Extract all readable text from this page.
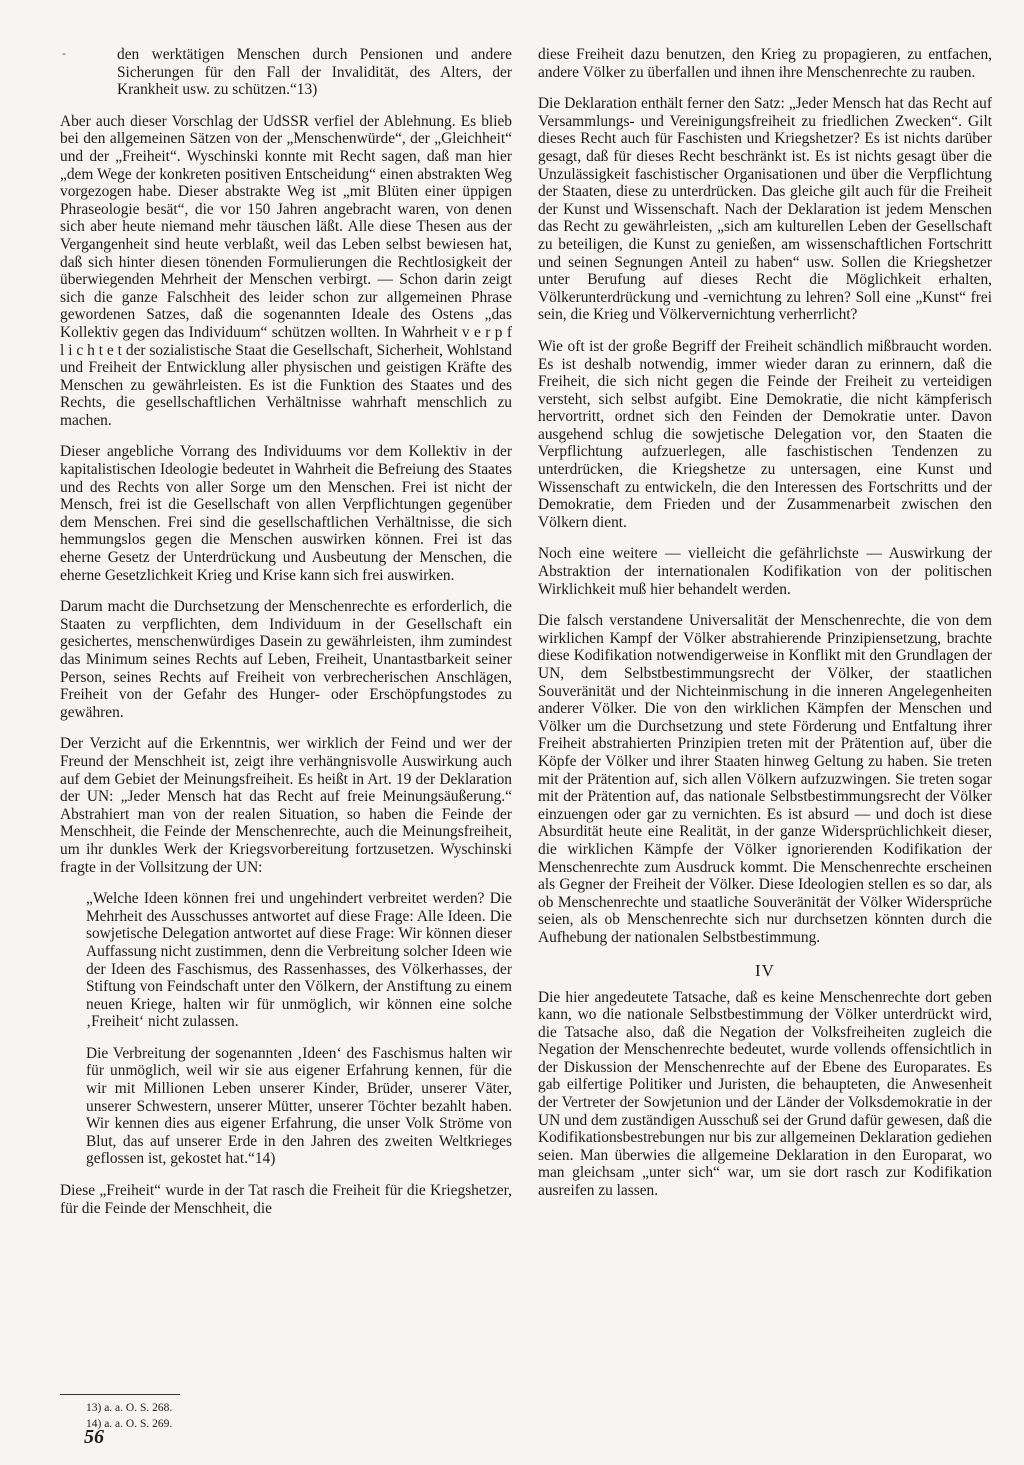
-	den werktätigen Menschen durch Pensionen und andere Sicherungen für den Fall der Invalidität, des Alters, der Krankheit usw. zu schützen.“13)

Aber auch dieser Vorschlag der UdSSR verfiel der Ablehnung. Es blieb bei den allgemeinen Sätzen von der „Menschenwürde“, der „Gleichheit“ und der „Freiheit“. Wyschinski konnte mit Recht sagen, daß man hier „dem Wege der konkreten positiven Entscheidung“ einen abstrakten Weg vorgezogen habe. Dieser abstrakte Weg ist „mit Blüten einer üppigen Phraseologie besät“, die vor 150 Jahren angebracht waren, von denen sich aber heute niemand mehr täuschen läßt. Alle diese Thesen aus der Vergangenheit sind heute verblaßt, weil das Leben selbst bewiesen hat, daß sich hinter diesen tönenden Formulierungen die Rechtlosigkeit der überwiegenden Mehrheit der Menschen verbirgt. — Schon darin zeigt sich die ganze Falschheit des leider schon zur allgemeinen Phrase gewordenen Satzes, daß die sogenannten Ideale des Ostens „das Kollektiv gegen das Individuum“ schützen wollten. In Wahrheit v e r p f l i c h t e t der sozialistische Staat die Gesellschaft, Sicherheit, Wohlstand und Freiheit der Entwicklung aller physischen und geistigen Kräfte des Menschen zu gewährleisten. Es ist die Funktion des Staates und des Rechts, die gesellschaftlichen Verhältnisse wahrhaft menschlich zu machen.

Dieser angebliche Vorrang des Individuums vor dem Kollektiv in der kapitalistischen Ideologie bedeutet in Wahrheit die Befreiung des Staates und des Rechts von aller Sorge um den Menschen. Frei ist nicht der Mensch, frei ist die Gesellschaft von allen Verpflichtungen gegenüber dem Menschen. Frei sind die gesellschaftlichen Verhältnisse, die sich hemmungslos gegen die Menschen auswirken können. Frei ist das eherne Gesetz der Unterdrückung und Ausbeutung der Menschen, die eherne Gesetzlichkeit Krieg und Krise kann sich frei auswirken.

Darum macht die Durchsetzung der Menschenrechte es erforderlich, die Staaten zu verpflichten, dem Individuum in der Gesellschaft ein gesichertes, menschenwürdiges Dasein zu gewährleisten, ihm zumindest das Minimum seines Rechts auf Leben, Freiheit, Unantastbarkeit seiner Person, seines Rechts auf Freiheit von verbrecherischen Anschlägen, Freiheit von der Gefahr des Hunger- oder Erschöpfungstodes zu gewähren.

Der Verzicht auf die Erkenntnis, wer wirklich der Feind und wer der Freund der Menschheit ist, zeigt ihre verhängnisvolle Auswirkung auch auf dem Gebiet der Meinungsfreiheit. Es heißt in Art. 19 der Deklaration der UN: „Jeder Mensch hat das Recht auf freie Meinungsäußerung.“ Abstrahiert man von der realen Situation, so haben die Feinde der Menschheit, die Feinde der Menschenrechte, auch die Meinungsfreiheit, um ihr dunkles Werk der Kriegsvorbereitung fortzusetzen. Wyschinski fragte in der Vollsitzung der UN:

„Welche Ideen können frei und ungehindert verbreitet werden? Die Mehrheit des Ausschusses antwortet auf diese Frage: Alle Ideen. Die sowjetische Delegation antwortet auf diese Frage: Wir können dieser Auffassung nicht zustimmen, denn die Verbreitung solcher Ideen wie der Ideen des Faschismus, des Rassenhasses, des Völkerhasses, der Stiftung von Feindschaft unter den Völkern, der Anstiftung zu einem neuen Kriege, halten wir für unmöglich, wir können eine solche ‚Freiheit‘ nicht zulassen.

Die Verbreitung der sogenannten ‚Ideen‘ des Faschismus halten wir für unmöglich, weil wir sie aus eigener Erfahrung kennen, für die wir mit Millionen Leben unserer Kinder, Brüder, unserer Väter, unserer Schwestern, unserer Mütter, unserer Töchter bezahlt haben. Wir kennen dies aus eigener Erfahrung, die unser Volk Ströme von Blut, das auf unserer Erde in den Jahren des zweiten Weltkrieges geflossen ist, gekostet hat.“14)

Diese „Freiheit“ wurde in der Tat rasch die Freiheit für die Kriegshetzer, für die Feinde der Menschheit, die

diese Freiheit dazu benutzen, den Krieg zu propagieren, zu entfachen, andere Völker zu überfallen und ihnen ihre Menschenrechte zu rauben.

Die Deklaration enthält ferner den Satz: „Jeder Mensch hat das Recht auf Versammlungs- und Vereinigungsfreiheit zu friedlichen Zwecken“. Gilt dieses Recht auch für Faschisten und Kriegshetzer? Es ist nichts darüber gesagt, daß für dieses Recht beschränkt ist. Es ist nichts gesagt über die Unzulässigkeit faschistischer Organisationen und über die Verpflichtung der Staaten, diese zu unterdrücken. Das gleiche gilt auch für die Freiheit der Kunst und Wissenschaft. Nach der Deklaration ist jedem Menschen das Recht zu gewährleisten, „sich am kulturellen Leben der Gesellschaft zu beteiligen, die Kunst zu genießen, am wissenschaftlichen Fortschritt und seinen Segnungen Anteil zu haben“ usw. Sollen die Kriegshetzer unter Berufung auf dieses Recht die Möglichkeit erhalten, Völkerunterdrückung und -vernichtung zu lehren? Soll eine „Kunst“ frei sein, die Krieg und Völkervernichtung verherrlicht?

Wie oft ist der große Begriff der Freiheit schändlich mißbraucht worden. Es ist deshalb notwendig, immer wieder daran zu erinnern, daß die Freiheit, die sich nicht gegen die Feinde der Freiheit zu verteidigen versteht, sich selbst aufgibt. Eine Demokratie, die nicht kämpferisch hervortritt, ordnet sich den Feinden der Demokratie unter. Davon ausgehend schlug die sowjetische Delegation vor, den Staaten die Verpflichtung aufzuerlegen, alle faschistischen Tendenzen zu unterdrücken, die Kriegshetze zu untersagen, eine Kunst und Wissenschaft zu entwickeln, die den Interessen des Fortschritts und der Demokratie, dem Frieden und der Zusammenarbeit zwischen den Völkern dient.

Noch eine weitere — vielleicht die gefährlichste — Auswirkung der Abstraktion der internationalen Kodifikation von der politischen Wirklichkeit muß hier behandelt werden.

Die falsch verstandene Universalität der Menschenrechte, die von dem wirklichen Kampf der Völker abstrahierende Prinzipiensetzung, brachte diese Kodifikation notwendigerweise in Konflikt mit den Grundlagen der UN, dem Selbstbestimmungsrecht der Völker, der staatlichen Souveränität und der Nichteinmischung in die inneren Angelegenheiten anderer Völker. Die von den wirklichen Kämpfen der Menschen und Völker um die Durchsetzung und stete Förderung und Entfaltung ihrer Freiheit abstrahierten Prinzipien treten mit der Prätention auf, über die Köpfe der Völker und ihrer Staaten hinweg Geltung zu haben. Sie treten mit der Prätention auf, sich allen Völkern aufzuzwingen. Sie treten sogar mit der Prätention auf, das nationale Selbstbestimmungsrecht der Völker einzuengen oder gar zu vernichten. Es ist absurd — und doch ist diese Absurdität heute eine Realität, in der ganze Widersprüchlichkeit dieser, die wirklichen Kämpfe der Völker ignorierenden Kodifikation der Menschenrechte zum Ausdruck kommt. Die Menschenrechte erscheinen als Gegner der Freiheit der Völker. Diese Ideologien stellen es so dar, als ob Menschenrechte und staatliche Souveränität der Völker Widersprüche seien, als ob Menschenrechte sich nur durchsetzen könnten durch die Aufhebung der nationalen Selbstbestimmung.

IV

Die hier angedeutete Tatsache, daß es keine Menschenrechte dort geben kann, wo die nationale Selbstbestimmung der Völker unterdrückt wird, die Tatsache also, daß die Negation der Volksfreiheiten zugleich die Negation der Menschenrechte bedeutet, wurde vollends offensichtlich in der Diskussion der Menschenrechte auf der Ebene des Europarates. Es gab eilfertige Politiker und Juristen, die behaupteten, die Anwesenheit der Vertreter der Sowjetunion und der Länder der Volksdemokratie in der UN und dem zuständigen Ausschuß sei der Grund dafür gewesen, daß die Kodifikationsbestrebungen nur bis zur allgemeinen Deklaration gediehen seien. Man überwies die allgemeine Deklaration in den Europarat, wo man gleichsam „unter sich“ war, um sie dort rasch zur Kodifikation ausreifen zu lassen.

13) a. a. O. S. 268.
14) a. a. O. S. 269.
56
